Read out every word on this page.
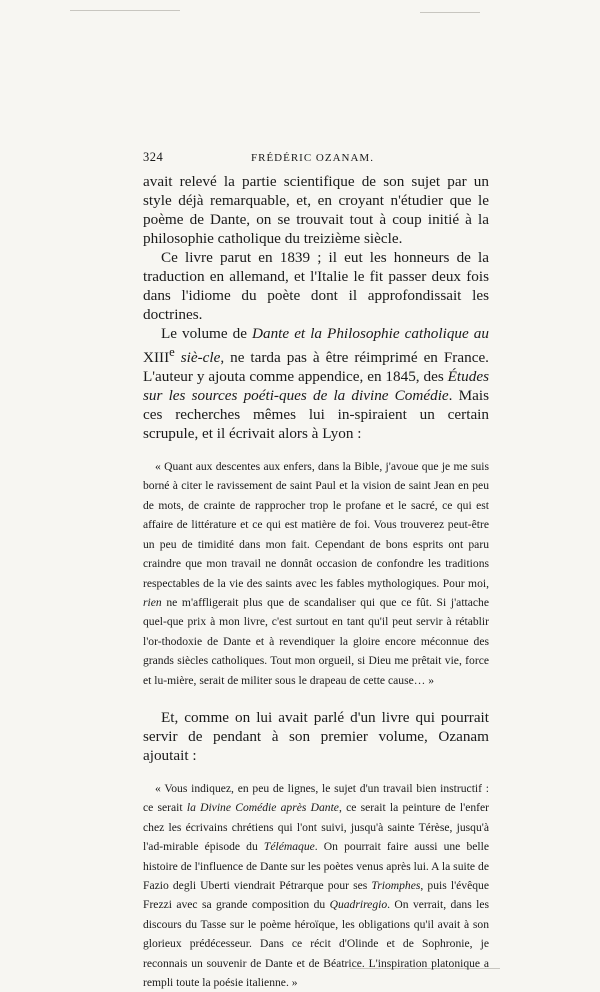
324	FRÉDÉRIC OZANAM.

avait relevé la partie scientifique de son sujet par un style déjà remarquable, et, en croyant n'étudier que le poème de Dante, on se trouvait tout à coup initié à la philosophie catholique du treizième siècle.

Ce livre parut en 1839 ; il eut les honneurs de la traduction en allemand, et l'Italie le fit passer deux fois dans l'idiome du poète dont il approfondissait les doctrines.

Le volume de Dante et la Philosophie catholique au XIIIe siè-cle, ne tarda pas à être réimprimé en France. L'auteur y ajouta comme appendice, en 1845, des Études sur les sources poéti-ques de la divine Comédie. Mais ces recherches mêmes lui in-spiraient un certain scrupule, et il écrivait alors à Lyon :

« Quant aux descentes aux enfers, dans la Bible, j'avoue que je me suis borné à citer le ravissement de saint Paul et la vision de saint Jean en peu de mots, de crainte de rapprocher trop le profane et le sacré, ce qui est affaire de littérature et ce qui est matière de foi. Vous trouverez peut-être un peu de timidité dans mon fait. Cependant de bons esprits ont paru craindre que mon travail ne donnât occasion de confondre les traditions respectables de la vie des saints avec les fables mythologiques. Pour moi, rien ne m'affligerait plus que de scandaliser qui que ce fût. Si j'attache quel-que prix à mon livre, c'est surtout en tant qu'il peut servir à rétablir l'or-thodoxie de Dante et à revendiquer la gloire encore méconnue des grands siècles catholiques. Tout mon orgueil, si Dieu me prêtait vie, force et lu-mière, serait de militer sous le drapeau de cette cause… »

Et, comme on lui avait parlé d'un livre qui pourrait servir de pendant à son premier volume, Ozanam ajoutait :

« Vous indiquez, en peu de lignes, le sujet d'un travail bien instructif : ce serait la Divine Comédie après Dante, ce serait la peinture de l'enfer chez les écrivains chrétiens qui l'ont suivi, jusqu'à sainte Térèse, jusqu'à l'ad-mirable épisode du Télémaque. On pourrait faire aussi une belle histoire de l'influence de Dante sur les poètes venus après lui. A la suite de Fazio degli Uberti viendrait Pétrarque pour ses Triomphes, puis l'évêque Frezzi avec sa grande composition du Quadriregio. On verrait, dans les discours du Tasse sur le poème héroïque, les obligations qu'il avait à son glorieux prédécesseur. Dans ce récit d'Olinde et de Sophronie, je reconnais un souvenir de Dante et de Béatrice. L'inspiration platonique a rempli toute la poésie italienne. »
